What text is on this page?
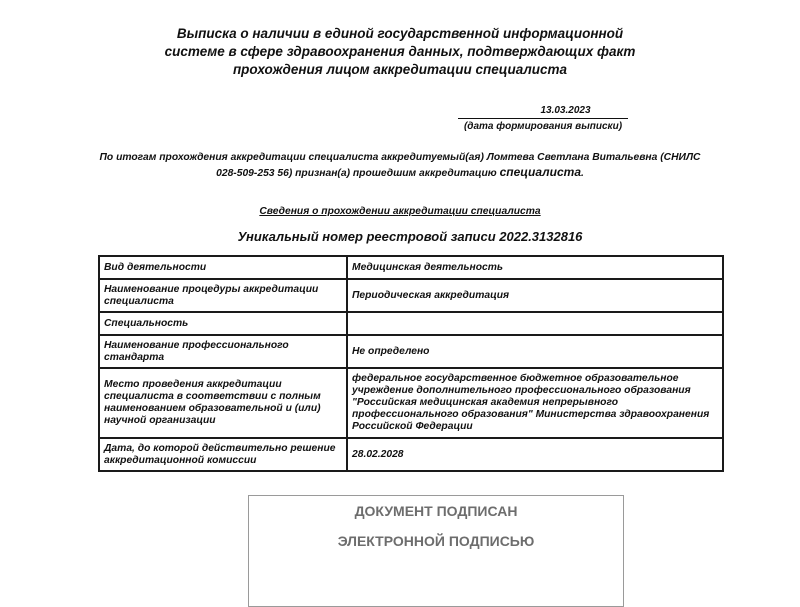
Выписка о наличии в единой государственной информационной
системе в сфере здравоохранения данных, подтверждающих факт
прохождения лицом аккредитации специалиста
13.03.2023
(дата формирования выписки)
По итогам прохождения аккредитации специалиста аккредитуемый(ая) Ломтева Светлана Витальевна (СНИЛС
028-509-253 56) признан(а) прошедшим аккредитацию специалиста.
Сведения о прохождении аккредитации специалиста
Уникальный номер реестровой записи 2022.3132816
Вид деятельности	Медицинская деятельность
Наименование процедуры аккредитации специалиста	Периодическая аккредитация
Специальность	
Наименование профессионального стандарта	Не определено
Место проведения аккредитации специалиста в соответствии с полным наименованием образовательной и (или) научной организации	федеральное государственное бюджетное образовательное учреждение дополнительного профессионального образования "Российская медицинская академия непрерывного профессионального образования" Министерства здравоохранения Российской Федерации
Дата, до которой действительно решение аккредитационной комиссии	28.02.2028
ДОКУМЕНТ ПОДПИСАН
ЭЛЕКТРОННОЙ ПОДПИСЬЮ
